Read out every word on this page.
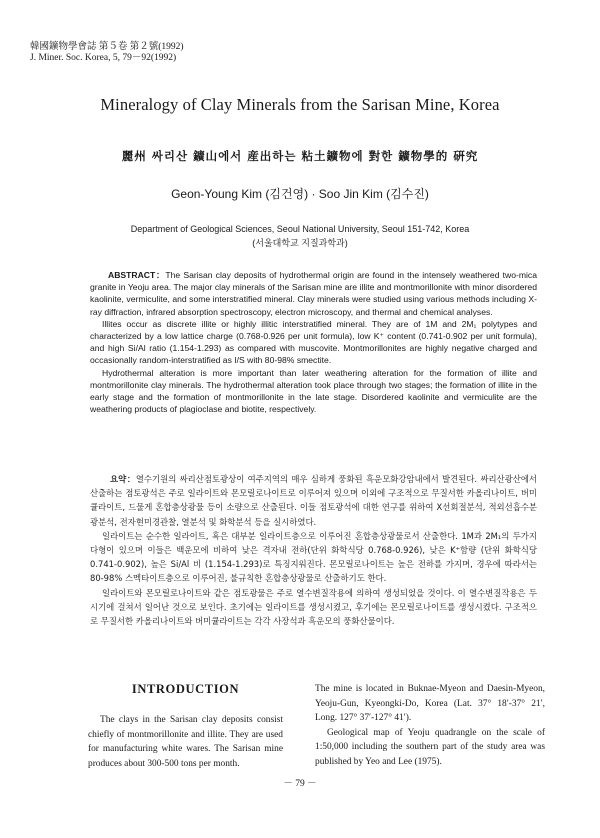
韓國鑛物學會誌 第５卷 第２號(1992)
J. Miner. Soc. Korea, 5, 79－92(1992)
Mineralogy of Clay Minerals from the Sarisan Mine, Korea
麗州 싸리산 鑛山에서 産出하는 粘土鑛物에 對한 鑛物學的 硏究
Geon-Young Kim (김건영) · Soo Jin Kim (김수진)
Department of Geological Sciences, Seoul National University, Seoul 151-742, Korea
(서울대학교 지질과학과)

ABSTRACT：The Sarisan clay deposits of hydrothermal origin are found in the intensely weathered two-mica granite in Yeoju area. The major clay minerals of the Sarisan mine are illite and montmorillonite with minor disordered kaolinite, vermiculite, and some interstratified mineral. Clay minerals were studied using various methods including X-ray diffraction, infrared absorption spectroscopy, electron microscopy, and thermal and chemical analyses.

Illites occur as discrete illite or highly illitic interstratified mineral. They are of 1M and 2M₁ polytypes and characterized by a low lattice charge (0.768-0.926 per unit formula), low K⁺ content (0.741-0.902 per unit formula), and high Si/Al ratio (1.154-1.293) as compared with muscovite. Montmorillonites are highly negative charged and occasionally random-interstratified as I/S with 80-98% smectite.

Hydrothermal alteration is more important than later weathering alteration for the formation of illite and montmorillonite clay minerals. The hydrothermal alteration took place through two stages; the formation of illite in the early stage and the formation of montmorillonite in the late stage. Disordered kaolinite and vermiculite are the weathering products of plagioclase and biotite, respectively.

요약：열수기원의 싸리산점토광상이 여주지역의 매우 심하게 풍화된 흑운모화강암내에서 발견된다. 싸리산광산에서 산출하는 점토광석은 주로 일라이트와 몬모릴로나이트로 이루어져 있으며 이외에 구조적으로 무질서한 카올리나이트, 버미큘라이트, 드물게 혼합층상광물 등이 소량으로 산출된다. 이들 점토광석에 대한 연구를 위하여 X선회절분석, 적외선흡수분광분석, 전자현미경관찰, 열분석 및 화학분석 등을 실시하였다.

일라이트는 순수한 일라이트, 혹은 대부분 일라이트층으로 이루어진 혼합층상광물로서 산출한다. 1M과 2M₁의 두가지 다형이 있으며 이들은 백운모에 비하여 낮은 격자내 전하(단위 화학식당 0.768-0.926), 낮은 K⁺함량 (단위 화학식당 0.741-0.902), 높은 Si/Al 비 (1.154-1.293)로 특징지워진다. 몬모릴로나이트는 높은 전하를 가지며, 경우에 따라서는 80-98% 스멕타이트층으로 이루어진, 불규칙한 혼합층상광물로 산출하기도 한다.

일라이트와 몬모릴로나이트와 같은 점토광물은 주로 열수변질작용에 의하여 생성되었을 것이다. 이 열수변질작용은 두 시기에 걸쳐서 일어난 것으로 보인다. 초기에는 일라이트를 생성시켰고, 후기에는 몬모릴로나이트를 생성시켰다. 구조적으로 무질서한 카올리나이트와 버미큘라이트는 각각 사장석과 흑운모의 풍화산물이다.

INTRODUCTION

The clays in the Sarisan clay deposits consist chiefly of montmorillonite and illite. They are used for manufacturing white wares. The Sarisan mine produces about 300-500 tons per month.

The mine is located in Buknae-Myeon and Daesin-Myeon, Yeoju-Gun, Kyeongki-Do, Korea (Lat. 37° 18′-37° 21′, Long. 127° 37′-127° 41′).

Geological map of Yeoju quadrangle on the scale of 1:50,000 including the southern part of the study area was published by Yeo and Lee (1975).

－ 79 －
